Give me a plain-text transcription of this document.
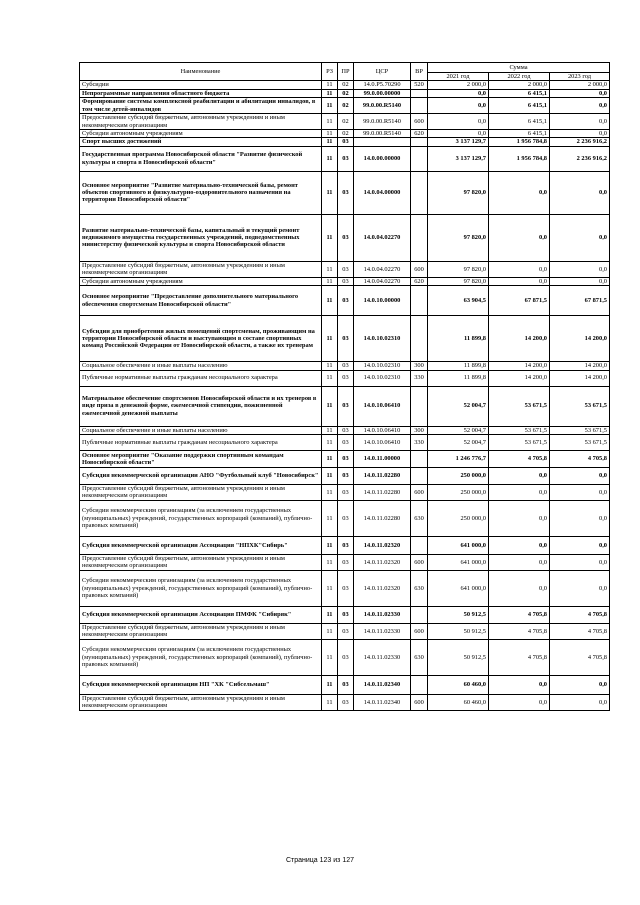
Наименование	РЗ	ПР	ЦСР	ВР	Сумма		
					2021 год	2022 год	2023 год
Субсидии	11	02	14.0.P5.70290	520	2 000,0	2 000,0	2 000,0
Непрограммные направления областного бюджета	11	02	99.0.00.00000		0,0	6 415,1	0,0
Формирование системы комплексной реабилитации и абилитации инвалидов, в том числе детей-инвалидов	11	02	99.0.00.R5140		0,0	6 415,1	0,0
Предоставление субсидий бюджетным, автономным учреждениям и иным некоммерческим организациям	11	02	99.0.00.R5140	600	0,0	6 415,1	0,0
Субсидии автономным учреждениям	11	02	99.0.00.R5140	620	0,0	6 415,1	0,0
Спорт высших достижений	11	03			3 137 129,7	1 956 784,8	2 236 916,2
Государственная программа Новосибирской области "Развитие физической культуры и спорта в Новосибирской области"	11	03	14.0.00.00000		3 137 129,7	1 956 784,8	2 236 916,2
Основное мероприятие "Развитие материально-технической базы, ремонт объектов спортивного и физкультурно-оздоровительного назначения на территории Новосибирской области"	11	03	14.0.04.00000		97 820,0	0,0	0,0
Развитие материально-технической базы, капитальный и текущий ремонт недвижимого имущества государственных учреждений, подведомственных министерству физической культуры и спорта Новосибирской области	11	03	14.0.04.02270		97 820,0	0,0	0,0
Предоставление субсидий бюджетным, автономным учреждениям и иным некоммерческим организациям	11	03	14.0.04.02270	600	97 820,0	0,0	0,0
Субсидии автономным учреждениям	11	03	14.0.04.02270	620	97 820,0	0,0	0,0
Основное мероприятие "Предоставление дополнительного материального обеспечения спортсменам Новосибирской области"	11	03	14.0.10.00000		63 904,5	67 871,5	67 871,5
Субсидии для приобретения жилых помещений спортсменам, проживающим на территории Новосибирской области и выступающим в составе спортивных команд Российской Федерации от Новосибирской области, а также их тренерам	11	03	14.0.10.02310		11 899,8	14 200,0	14 200,0
Социальное обеспечение и иные выплаты населению	11	03	14.0.10.02310	300	11 899,8	14 200,0	14 200,0
Публичные нормативные выплаты гражданам несоциального характера	11	03	14.0.10.02310	330	11 899,8	14 200,0	14 200,0
Материальное обеспечение спортсменов Новосибирской области и их тренеров в виде приза в денежной форме, ежемесячной стипендии, пожизненной ежемесячной денежной выплаты	11	03	14.0.10.06410		52 004,7	53 671,5	53 671,5
Социальное обеспечение и иные выплаты населению	11	03	14.0.10.06410	300	52 004,7	53 671,5	53 671,5
Публичные нормативные выплаты гражданам несоциального характера	11	03	14.0.10.06410	330	52 004,7	53 671,5	53 671,5
Основное мероприятие "Оказание поддержки спортивным командам Новосибирской области"	11	03	14.0.11.00000		1 246 776,7	4 705,8	4 705,8
Субсидия некоммерческой организации АНО "Футбольный клуб "Новосибирск"	11	03	14.0.11.02280		250 000,0	0,0	0,0
Предоставление субсидий бюджетным, автономным учреждениям и иным некоммерческим организациям	11	03	14.0.11.02280	600	250 000,0	0,0	0,0
Субсидии некоммерческим организациям (за исключением государственных (муниципальных) учреждений, государственных корпораций (компаний), публично-правовых компаний)	11	03	14.0.11.02280	630	250 000,0	0,0	0,0
Субсидия некоммерческой организации Ассоциация "НПХК"Сибирь"	11	03	14.0.11.02320		641 000,0	0,0	0,0
Предоставление субсидий бюджетным, автономным учреждениям и иным некоммерческим организациям	11	03	14.0.11.02320	600	641 000,0	0,0	0,0
Субсидии некоммерческим организациям (за исключением государственных (муниципальных) учреждений, государственных корпораций (компаний), публично-правовых компаний)	11	03	14.0.11.02320	630	641 000,0	0,0	0,0
Субсидия некоммерческой организации Ассоциация ПМФК "Сибиряк"	11	03	14.0.11.02330		50 912,5	4 705,8	4 705,8
Предоставление субсидий бюджетным, автономным учреждениям и иным некоммерческим организациям	11	03	14.0.11.02330	600	50 912,5	4 705,8	4 705,8
Субсидии некоммерческим организациям (за исключением государственных (муниципальных) учреждений, государственных корпораций (компаний), публично-правовых компаний)	11	03	14.0.11.02330	630	50 912,5	4 705,8	4 705,8
Субсидия некоммерческой организации НП "ХК "Сибсельмаш"	11	03	14.0.11.02340		60 460,0	0,0	0,0
Предоставление субсидий бюджетным, автономным учреждениям и иным некоммерческим организациям	11	03	14.0.11.02340	600	60 460,0	0,0	0,0
Страница 123 из 127
